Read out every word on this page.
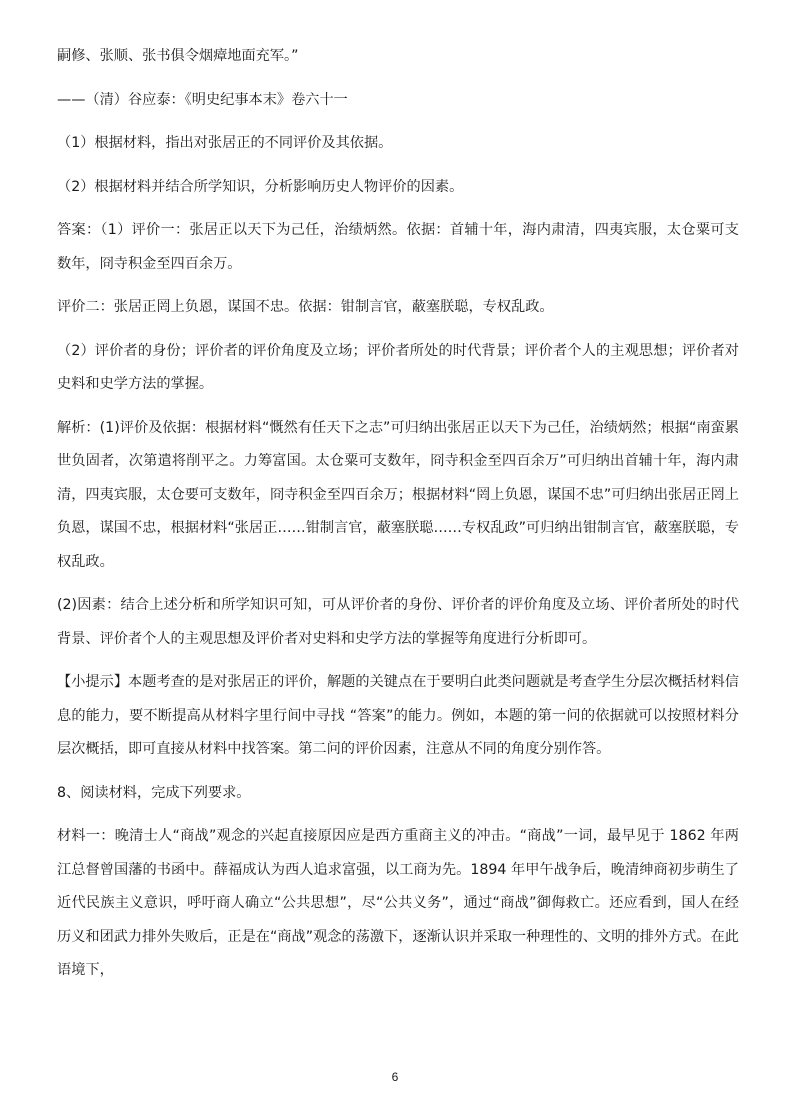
嗣修、张顺、张书俱令烟瘴地面充军。”

——（清）谷应泰：《明史纪事本末》卷六十一

（1）根据材料，指出对张居正的不同评价及其依据。

（2）根据材料并结合所学知识，分析影响历史人物评价的因素。

答案：（1）评价一：张居正以天下为己任，治绩炳然。依据：首辅十年，海内肃清，四夷宾服，太仓粟可支数年，冏寺积金至四百余万。

评价二：张居正罔上负恩，谋国不忠。依据：钳制言官，蔽塞朕聪，专权乱政。

（2）评价者的身份；评价者的评价角度及立场；评价者所处的时代背景；评价者个人的主观思想；评价者对史料和史学方法的掌握。

解析：(1)评价及依据：根据材料“慨然有任天下之志”可归纳出张居正以天下为己任，治绩炳然；根据“南蛮累世负固者，次第遣将削平之。力筹富国。太仓粟可支数年，冏寺积金至四百余万”可归纳出首辅十年，海内肃清，四夷宾服，太仓要可支数年，冏寺积金至四百余万；根据材料“罔上负恩，谋国不忠”可归纳出张居正罔上负恩，谋国不忠，根据材料“张居正……钳制言官，蔽塞朕聪……专权乱政”可归纳出钳制言官，蔽塞朕聪，专权乱政。

(2)因素：结合上述分析和所学知识可知，可从评价者的身份、评价者的评价角度及立场、评价者所处的时代背景、评价者个人的主观思想及评价者对史料和史学方法的掌握等角度进行分析即可。

【小提示】本题考查的是对张居正的评价，解题的关键点在于要明白此类问题就是考查学生分层次概括材料信息的能力，要不断提高从材料字里行间中寻找 “答案”的能力。例如，本题的第一问的依据就可以按照材料分层次概括，即可直接从材料中找答案。第二问的评价因素，注意从不同的角度分别作答。

8、阅读材料，完成下列要求。

材料一：晚清士人“商战”观念的兴起直接原因应是西方重商主义的冲击。“商战”一词，最早见于 1862 年两江总督曾国藩的书函中。薛福成认为西人追求富强，以工商为先。1894 年甲午战争后，晚清绅商初步萌生了近代民族主义意识，呼吁商人确立“公共思想”，尽“公共义务”，通过“商战”御侮救亡。还应看到，国人在经历义和团武力排外失败后，正是在“商战”观念的荡激下，逐渐认识并采取一种理性的、文明的排外方式。在此语境下，

6
